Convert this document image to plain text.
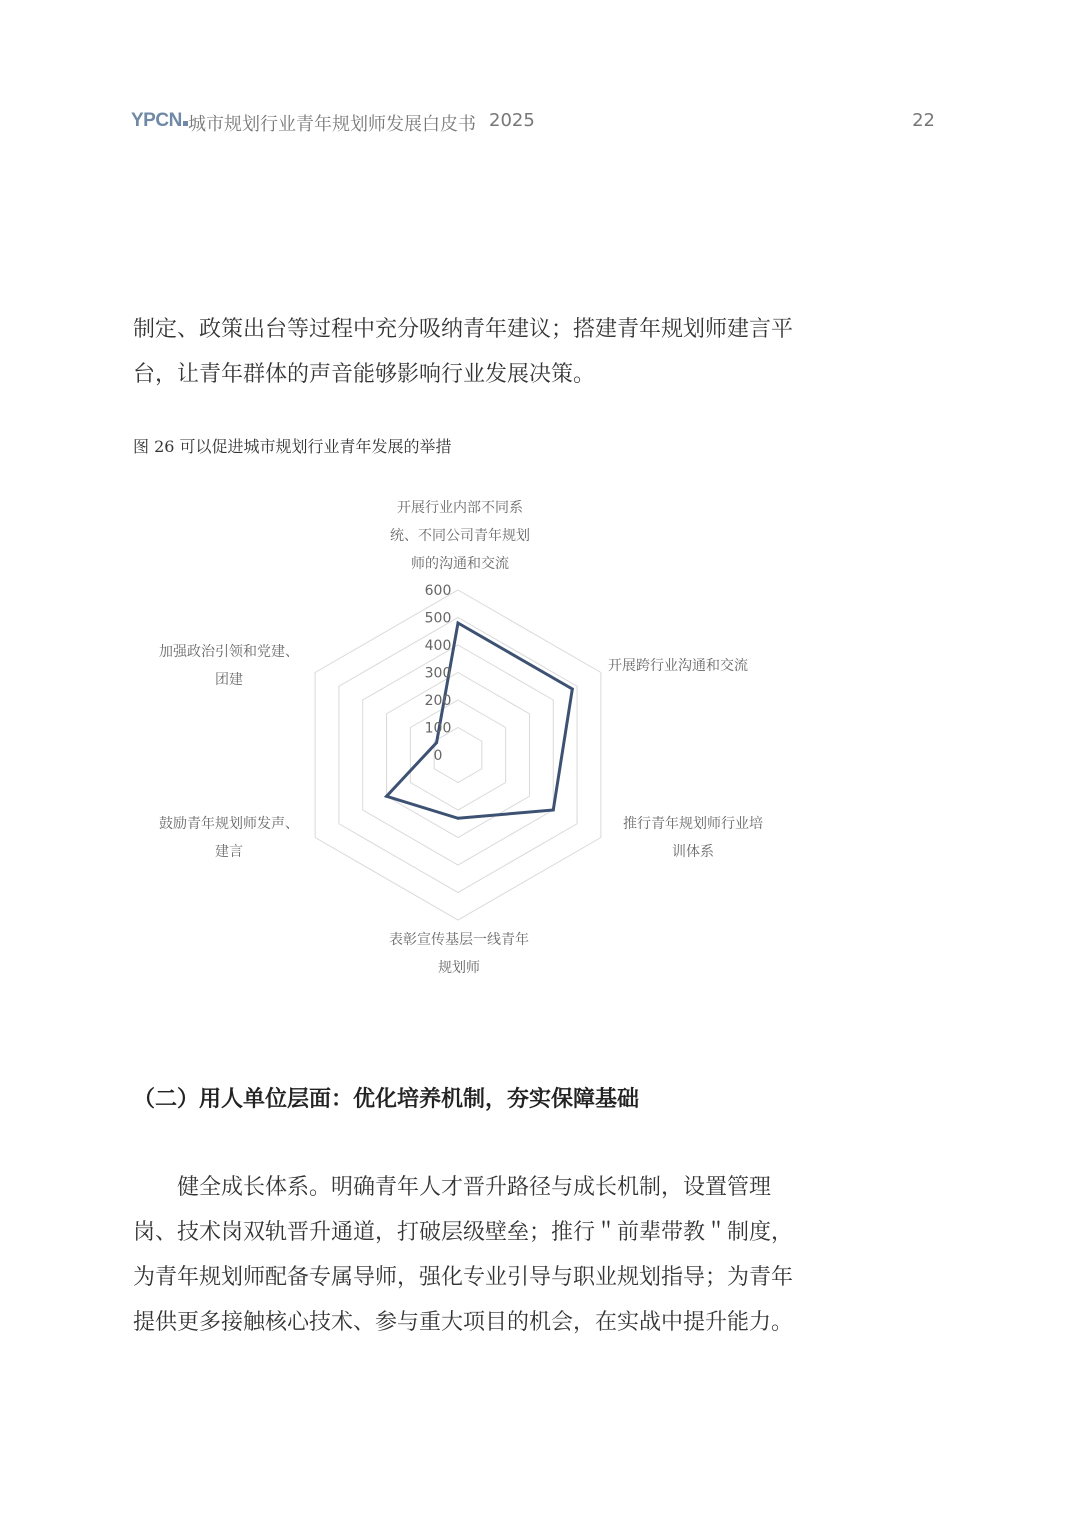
YPCN 城市规划行业青年规划师发展白皮书 2025	22

制定、政策出台等过程中充分吸纳青年建议；搭建青年规划师建言平台，让青年群体的声音能够影响行业发展决策。

图 26 可以促进城市规划行业青年发展的举措
0
100
200
300
400
500
600
开展行业内部不同系
统、不同公司青年规划
师的沟通和交流
开展跨行业沟通和交流
推行青年规划师行业培
训体系
表彰宣传基层一线青年
规划师
鼓励青年规划师发声、
建言
加强政治引领和党建、
团建
（二）用人单位层面：优化培养机制，夯实保障基础

健全成长体系。明确青年人才晋升路径与成长机制，设置管理岗、技术岗双轨晋升通道，打破层级壁垒；推行＂前辈带教＂制度，为青年规划师配备专属导师，强化专业引导与职业规划指导；为青年提供更多接触核心技术、参与重大项目的机会，在实战中提升能力。
